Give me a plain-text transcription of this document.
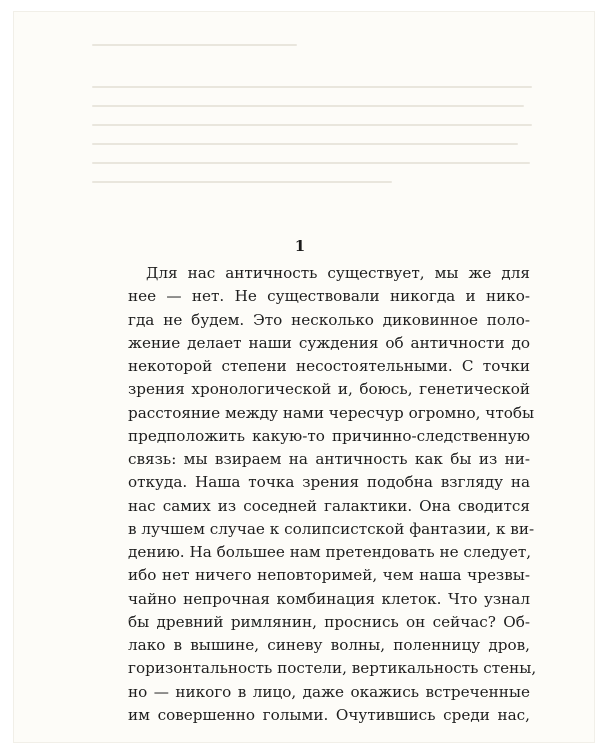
1
Для нас античность существует, мы же для
нее — нет. Не существовали никогда и нико-
гда не будем. Это несколько диковинное поло-
жение делает наши суждения об античности до
некоторой степени несостоятельными. С точки
зрения хронологической и, боюсь, генетической
расстояние между нами чересчур огромно, чтобы
предположить какую-то причинно-следственную
связь: мы взираем на античность как бы из ни-
откуда. Наша точка зрения подобна взгляду на
нас самих из соседней галактики. Она сводится
в лучшем случае к солипсистской фантазии, к ви-
дению. На большее нам претендовать не следует,
ибо нет ничего неповторимей, чем наша чрезвы-
чайно непрочная комбинация клеток. Что узнал
бы древний римлянин, проснись он сейчас? Об-
лако в вышине, синеву волны, поленницу дров,
горизонтальность постели, вертикальность стены,
но — никого в лицо, даже окажись встреченные
им совершенно голыми. Очутившись среди нас,
